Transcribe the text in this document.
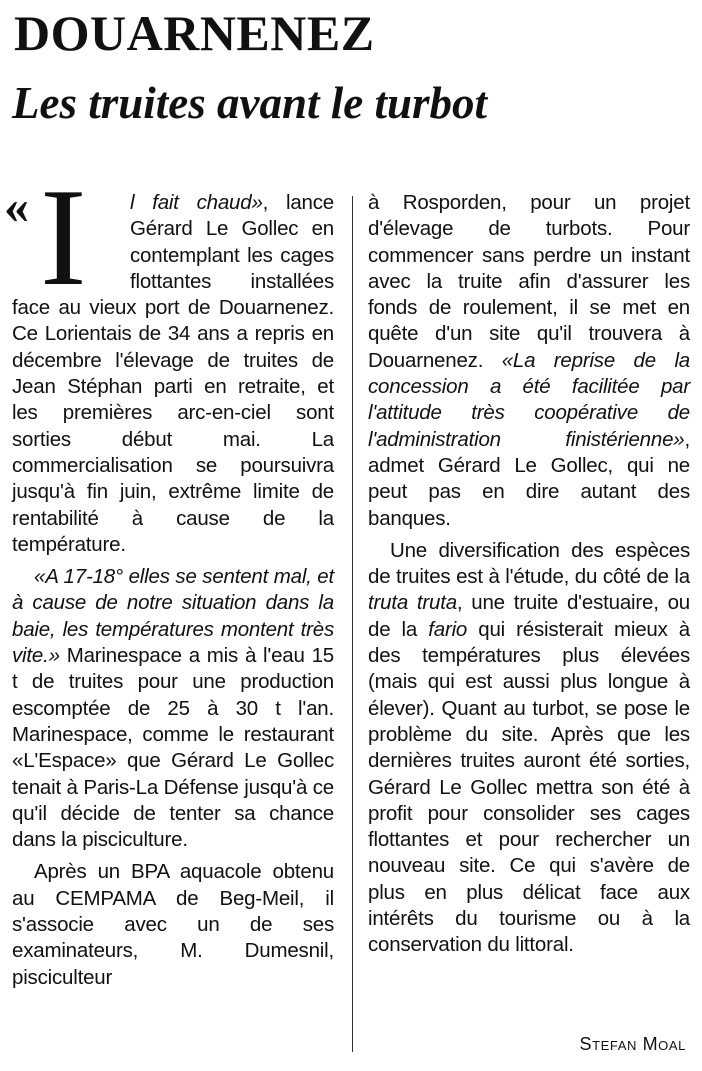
DOUARNENEZ
Les truites avant le turbot

« I l fait chaud», lance Gérard Le Gollec en contemplant les cages flottantes installées face au vieux port de Douarnenez. Ce Lorientais de 34 ans a repris en décembre l'élevage de truites de Jean Stéphan parti en retraite, et les premières arc-en-ciel sont sorties début mai. La commercialisation se poursuivra jusqu'à fin juin, extrême limite de rentabilité à cause de la température.

«A 17-18° elles se sentent mal, et à cause de notre situation dans la baie, les températures montent très vite.» Marinespace a mis à l'eau 15 t de truites pour une production escomptée de 25 à 30 t l'an. Marinespace, comme le restaurant «L'Espace» que Gérard Le Gollec tenait à Paris-La Défense jusqu'à ce qu'il décide de tenter sa chance dans la pisciculture.

Après un BPA aquacole obtenu au CEMPAMA de Beg-Meil, il s'associe avec un de ses examinateurs, M. Dumesnil, pisciculteur

à Rosporden, pour un projet d'élevage de turbots. Pour commencer sans perdre un instant avec la truite afin d'assurer les fonds de roulement, il se met en quête d'un site qu'il trouvera à Douarnenez. «La reprise de la concession a été facilitée par l'attitude très coopérative de l'administration finistérienne», admet Gérard Le Gollec, qui ne peut pas en dire autant des banques.

Une diversification des espèces de truites est à l'étude, du côté de la truta truta, une truite d'estuaire, ou de la fario qui résisterait mieux à des températures plus élevées (mais qui est aussi plus longue à élever). Quant au turbot, se pose le problème du site. Après que les dernières truites auront été sorties, Gérard Le Gollec mettra son été à profit pour consolider ses cages flottantes et pour rechercher un nouveau site. Ce qui s'avère de plus en plus délicat face aux intérêts du tourisme ou à la conservation du littoral.

Stefan Moal
